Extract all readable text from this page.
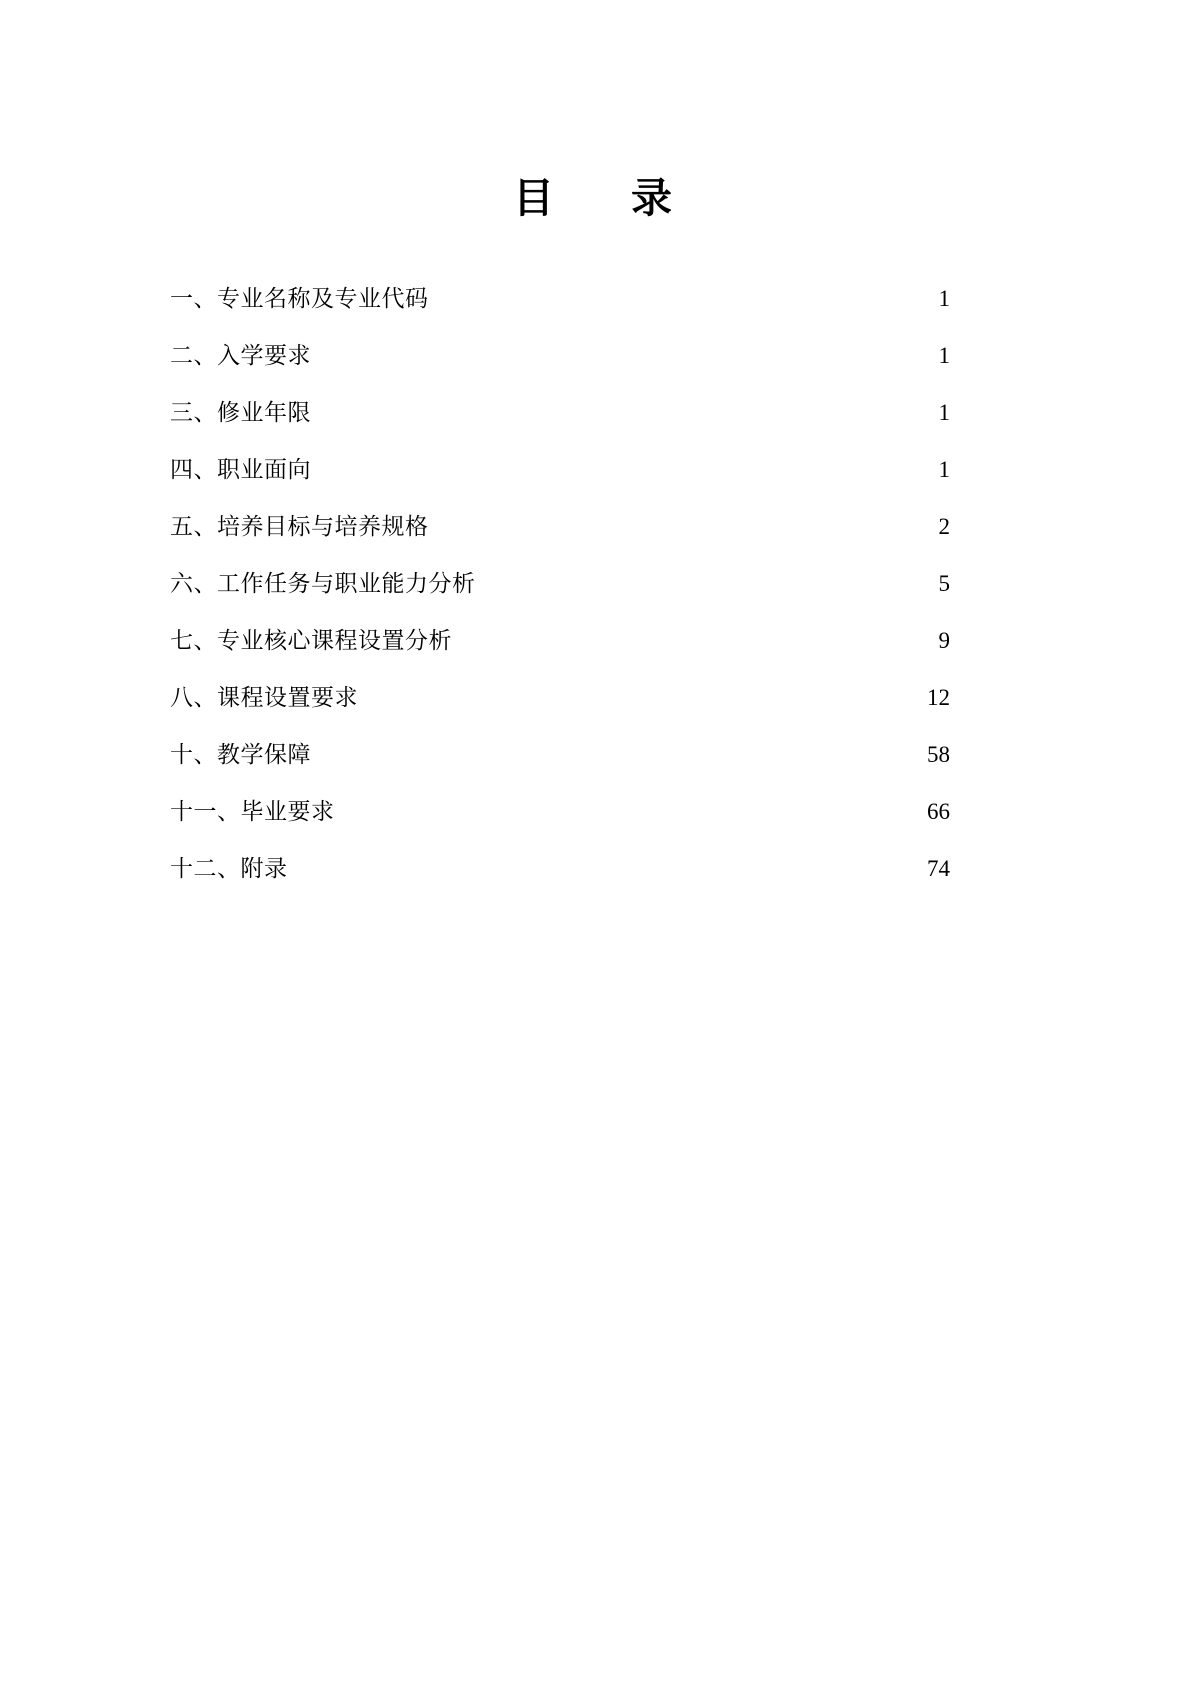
目　录
一、专业名称及专业代码 .....	1
二、入学要求 .....	1
三、修业年限 .....	1
四、职业面向 .....	1
五、培养目标与培养规格 .....	2
六、工作任务与职业能力分析 .....	5
七、专业核心课程设置分析 .....	9
八、课程设置要求 .....	12
十、教学保障 .....	58
十一、毕业要求 .....	66
十二、附录 .....	74
